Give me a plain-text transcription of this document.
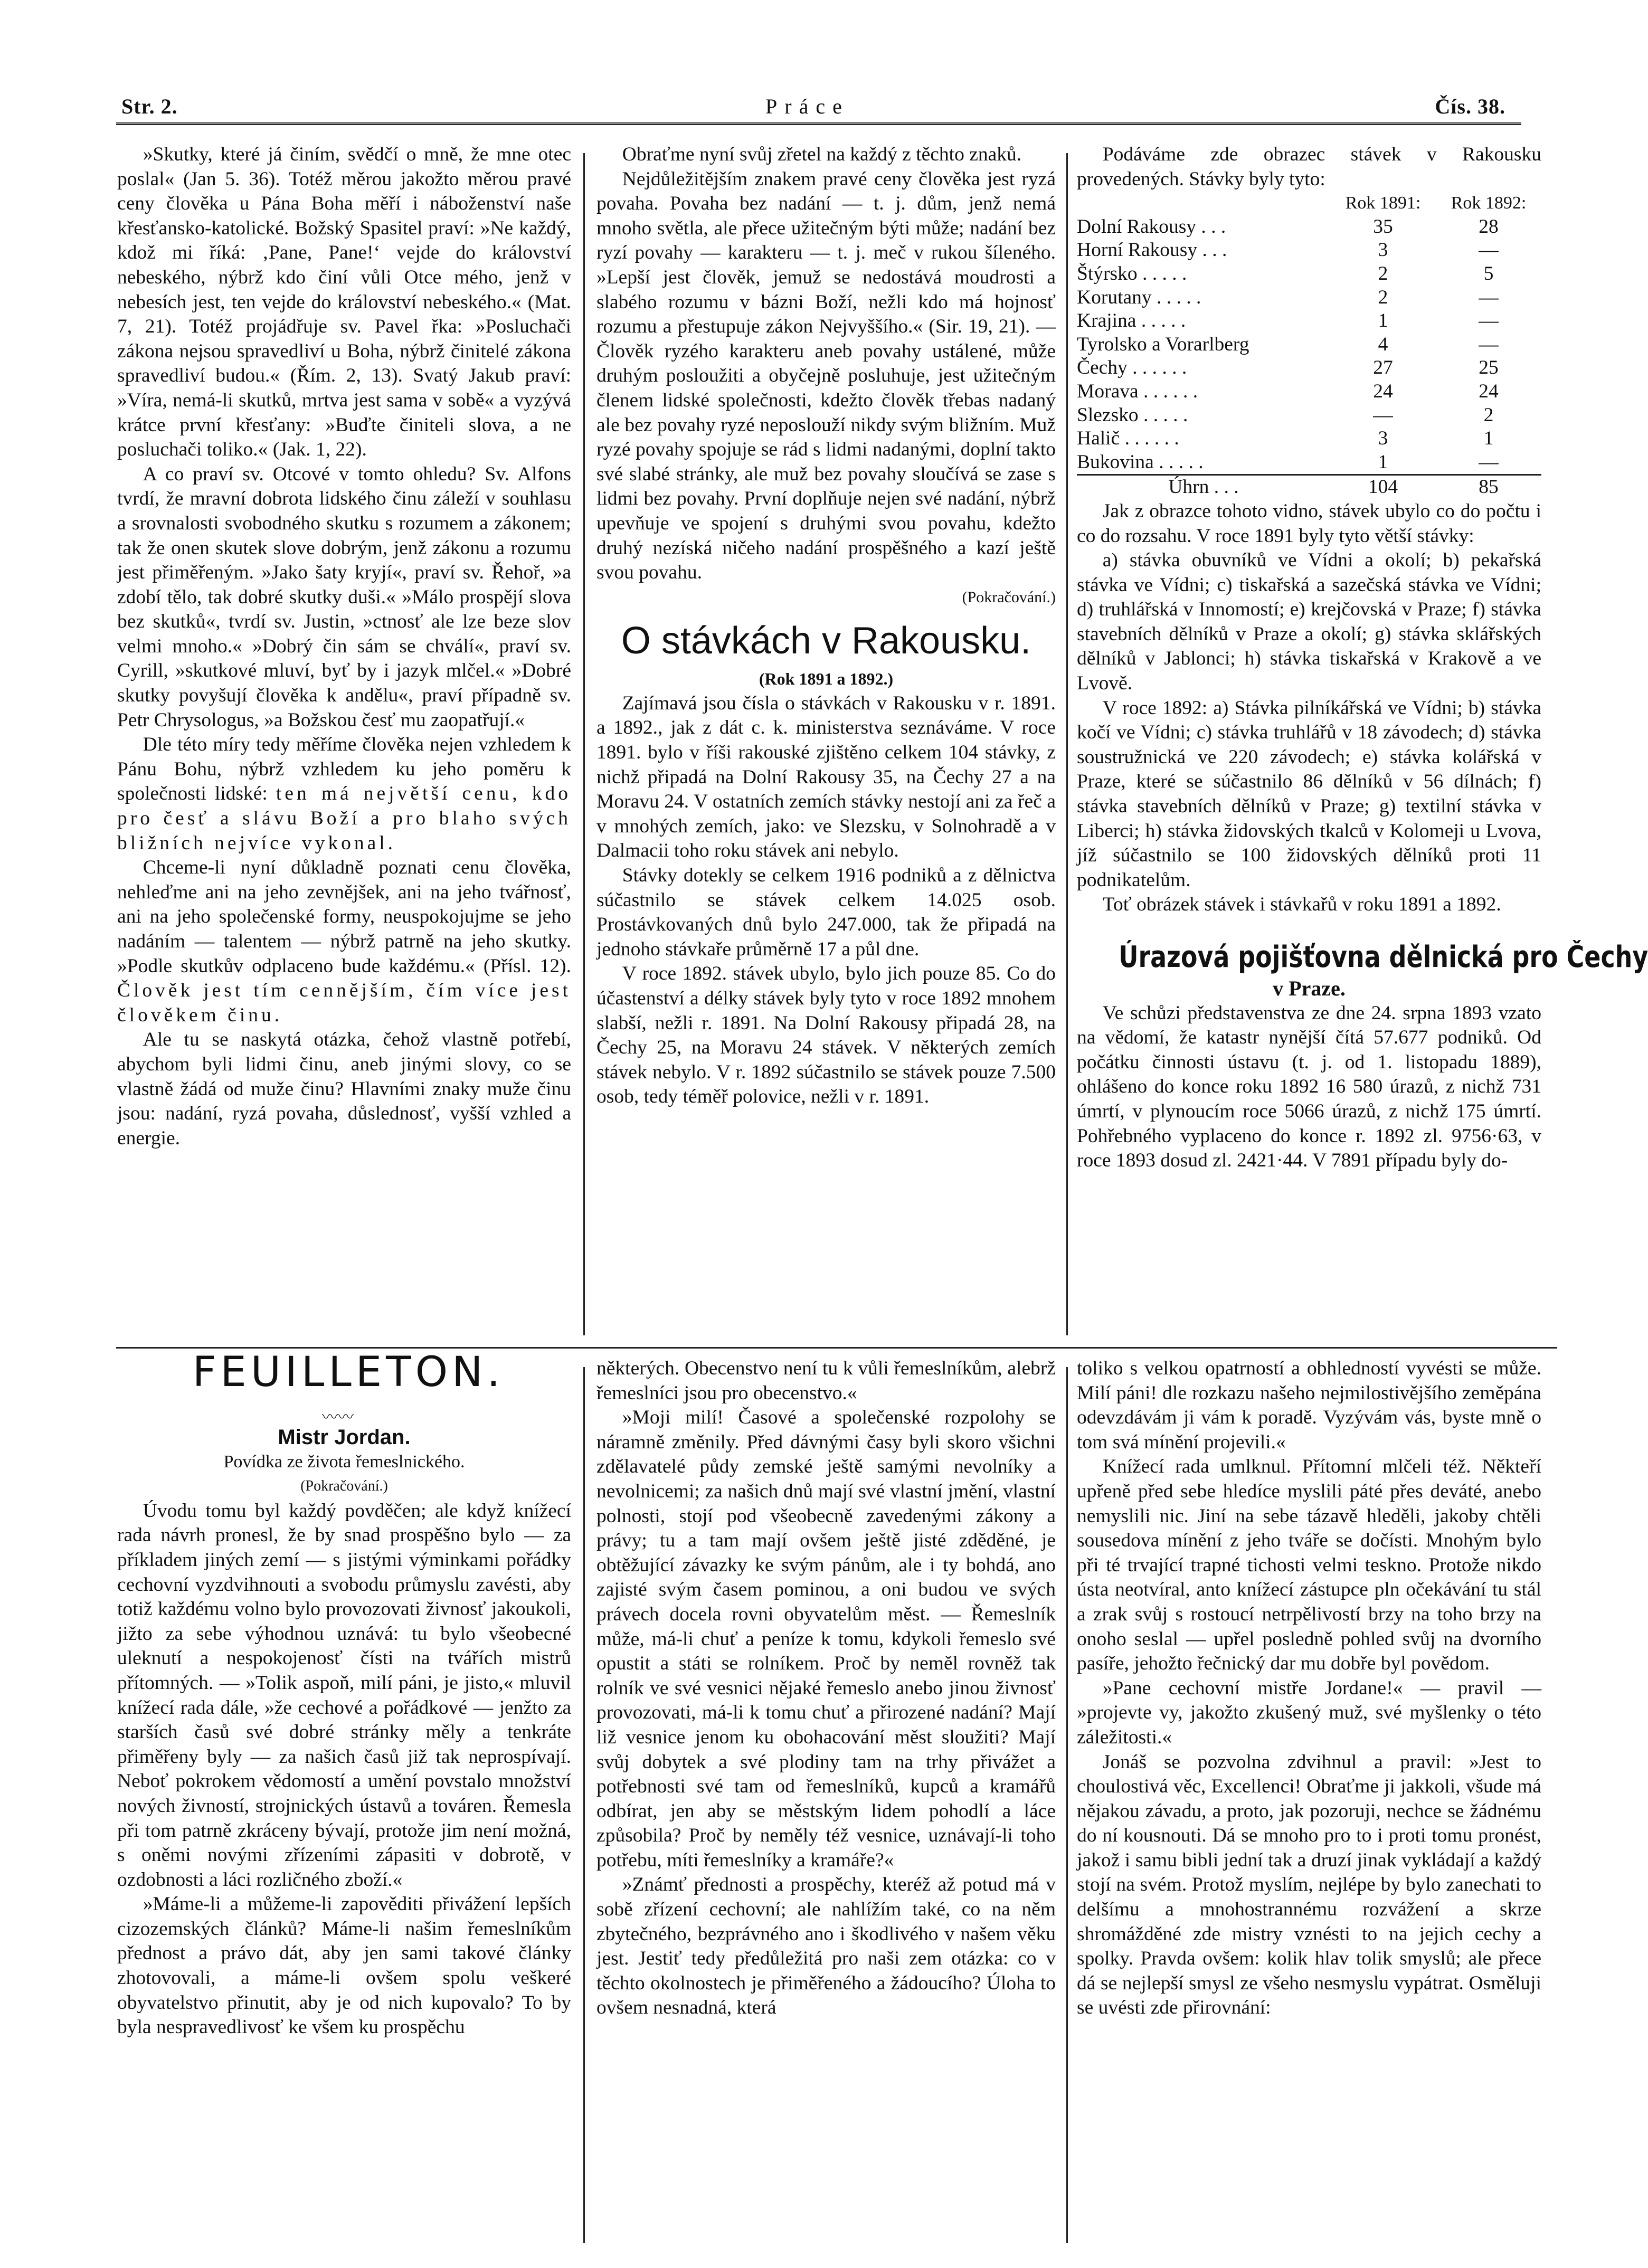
Str. 2.	Práce	Čís. 38.

»Skutky, které já činím, svědčí o mně, že mne otec poslal« (Jan 5. 36). Totéž měrou jakožto měrou pravé ceny člověka u Pána Boha měří i náboženství naše křesťansko-katolické. Božský Spasitel praví: »Ne každý, kdož mi říká: ‚Pane, Pane!‘ vejde do království nebeského, nýbrž kdo činí vůli Otce mého, jenž v nebesích jest, ten vejde do království nebeského.« (Mat. 7, 21). Totéž projádřuje sv. Pavel řka: »Posluchači zákona nejsou spravedliví u Boha, nýbrž činitelé zákona spravedliví budou.« (Řím. 2, 13). Svatý Jakub praví: »Víra, nemá-li skutků, mrtva jest sama v sobě« a vyzývá krátce první křesťany: »Buďte činiteli slova, a ne posluchači toliko.« (Jak. 1, 22).

A co praví sv. Otcové v tomto ohledu? Sv. Alfons tvrdí, že mravní dobrota lidského činu záleží v souhlasu a srovnalosti svobodného skutku s rozumem a zákonem; tak že onen skutek slove dobrým, jenž zákonu a rozumu jest přiměřeným. »Jako šaty kryjí«, praví sv. Řehoř, »a zdobí tělo, tak dobré skutky duši.« »Málo prospějí slova bez skutků«, tvrdí sv. Justin, »ctnosť ale lze beze slov velmi mnoho.« »Dobrý čin sám se chválí«, praví sv. Cyrill, »skutkové mluví, byť by i jazyk mlčel.« »Dobré skutky povyšují člověka k andělu«, praví případně sv. Petr Chrysologus, »a Božskou česť mu zaopatřují.«

Dle této míry tedy měříme člověka nejen vzhledem k Pánu Bohu, nýbrž vzhledem ku jeho poměru k společnosti lidské: ten má největší cenu, kdo pro česť a slávu Boží a pro blaho svých bližních nejvíce vykonal.

Chceme-li nyní důkladně poznati cenu člověka, nehleďme ani na jeho zevnějšek, ani na jeho tvářnosť, ani na jeho společenské formy, neuspokojujme se jeho nadáním — talentem — nýbrž patrně na jeho skutky. »Podle skutkův odplaceno bude každému.« (Přísl. 12). Člověk jest tím cennějším, čím více jest člověkem činu.

Ale tu se naskytá otázka, čehož vlastně potřebí, abychom byli lidmi činu, aneb jinými slovy, co se vlastně žádá od muže činu? Hlavními znaky muže činu jsou: nadání, ryzá povaha, důslednosť, vyšší vzhled a energie.

Obraťme nyní svůj zřetel na každý z těchto znaků.

Nejdůležitějším znakem pravé ceny člověka jest ryzá povaha. Povaha bez nadání — t. j. dům, jenž nemá mnoho světla, ale přece užitečným býti může; nadání bez ryzí povahy — karakteru — t. j. meč v rukou šíleného. »Lepší jest člověk, jemuž se nedostává moudrosti a slabého rozumu v bázni Boží, nežli kdo má hojnosť rozumu a přestupuje zákon Nejvyššího.« (Sir. 19, 21). — Člověk ryzého karakteru aneb povahy ustálené, může druhým posloužiti a obyčejně posluhuje, jest užitečným členem lidské společnosti, kdežto člověk třebas nadaný ale bez povahy ryzé neposlouží nikdy svým bližním. Muž ryzé povahy spojuje se rád s lidmi nadanými, doplní takto své slabé stránky, ale muž bez povahy sloučívá se zase s lidmi bez povahy. První doplňuje nejen své nadání, nýbrž upevňuje ve spojení s druhými svou povahu, kdežto druhý nezíská ničeho nadání prospěšného a kazí ještě svou povahu.

(Pokračování.)

O stávkách v Rakousku.

(Rok 1891 a 1892.)

Zajímavá jsou čísla o stávkách v Rakousku v r. 1891. a 1892., jak z dát c. k. ministerstva seznáváme. V roce 1891. bylo v říši rakouské zjištěno celkem 104 stávky, z nichž připadá na Dolní Rakousy 35, na Čechy 27 a na Moravu 24. V ostatních zemích stávky nestojí ani za řeč a v mnohých zemích, jako: ve Slezsku, v Solnohradě a v Dalmacii toho roku stávek ani nebylo.

Stávky dotekly se celkem 1916 podniků a z dělnictva súčastnilo se stávek celkem 14.025 osob. Prostávkovaných dnů bylo 247.000, tak že připadá na jednoho stávkaře průměrně 17 a půl dne.

V roce 1892. stávek ubylo, bylo jich pouze 85. Co do účastenství a délky stávek byly tyto v roce 1892 mnohem slabší, nežli r. 1891. Na Dolní Rakousy připadá 28, na Čechy 25, na Moravu 24 stávek. V některých zemích stávek nebylo. V r. 1892 súčastnilo se stávek pouze 7.500 osob, tedy téměř polovice, nežli v r. 1891.

Podáváme zde obrazec stávek v Rakousku provedených. Stávky byly tyto:

	Rok 1891:	Rok 1892:
Dolní Rakousy . . .	35	28
Horní Rakousy . . .	3	—
Štýrsko . . . . .	2	5
Korutany . . . . .	2	—
Krajina . . . . .	1	—
Tyrolsko a Vorarlberg	4	—
Čechy . . . . . .	27	25
Morava . . . . . .	24	24
Slezsko . . . . .	—	2
Halič . . . . . .	3	1
Bukovina . . . . .	1	—
Úhrn . . .	104	85

Jak z obrazce tohoto vidno, stávek ubylo co do počtu i co do rozsahu. V roce 1891 byly tyto větší stávky:

a) stávka obuvníků ve Vídni a okolí; b) pekařská stávka ve Vídni; c) tiskařská a sazečská stávka ve Vídni; d) truhlářská v Innomostí; e) krejčovská v Praze; f) stávka stavebních dělníků v Praze a okolí; g) stávka sklářských dělníků v Jablonci; h) stávka tiskařská v Krakově a ve Lvově.

V roce 1892: a) Stávka pilníkářská ve Vídni; b) stávka kočí ve Vídni; c) stávka truhlářů v 18 závodech; d) stávka soustružnická ve 220 závodech; e) stávka kolářská v Praze, které se súčastnilo 86 dělníků v 56 dílnách; f) stávka stavebních dělníků v Praze; g) textilní stávka v Liberci; h) stávka židovských tkalců v Kolomeji u Lvova, jíž súčastnilo se 100 židovských dělníků proti 11 podnikatelům.

Toť obrázek stávek i stávkařů v roku 1891 a 1892.

Úrazová pojišťovna dělnická pro Čechy

v Praze.

Ve schůzi představenstva ze dne 24. srpna 1893 vzato na vědomí, že katastr nynější čítá 57.677 podniků. Od počátku činnosti ústavu (t. j. od 1. listopadu 1889), ohlášeno do konce roku 1892 16 580 úrazů, z nichž 731 úmrtí, v plynoucím roce 5066 úrazů, z nichž 175 úmrtí. Pohřebného vyplaceno do konce r. 1892 zl. 9756·63, v roce 1893 dosud zl. 2421·44. V 7891 případu byly do-

FEUILLETON.
〰〰

Mistr Jordan.

Povídka ze života řemeslnického.

(Pokračování.)

Úvodu tomu byl každý povděčen; ale když knížecí rada návrh pronesl, že by snad prospěšno bylo — za příkladem jiných zemí — s jistými výminkami pořádky cechovní vyzdvihnouti a svobodu průmyslu zavésti, aby totiž každému volno bylo provozovati živnosť jakoukoli, jižto za sebe výhodnou uznává: tu bylo všeobecné uleknutí a nespokojenosť čísti na tvářích mistrů přítomných. — »Tolik aspoň, milí páni, je jisto,« mluvil knížecí rada dále, »že cechové a pořádkové — jenžto za starších časů své dobré stránky měly a tenkráte přiměřeny byly — za našich časů již tak neprospívají. Neboť pokrokem vědomostí a umění povstalo množství nových živností, strojnických ústavů a továren. Řemesla při tom patrně zkráceny bývají, protože jim není možná, s oněmi novými zřízeními zápasiti v dobrotě, v ozdobnosti a láci rozličného zboží.«

»Máme-li a můžeme-li zapověditi přivážení lepších cizozemských článků? Máme-li našim řemeslníkům přednost a právo dát, aby jen sami takové články zhotovovali, a máme-li ovšem spolu veškeré obyvatelstvo přinutit, aby je od nich kupovalo? To by byla nespravedlivosť ke všem ku prospěchu

některých. Obecenstvo není tu k vůli řemeslníkům, alebrž řemeslníci jsou pro obecenstvo.«

»Moji milí! Časové a společenské rozpolohy se náramně změnily. Před dávnými časy byli skoro všichni zdělavatelé půdy zemské ještě samými nevolníky a nevolnicemi; za našich dnů mají své vlastní jmění, vlastní polnosti, stojí pod všeobecně zavedenými zákony a právy; tu a tam mají ovšem ještě jisté zděděné, je obtěžující závazky ke svým pánům, ale i ty bohdá, ano zajisté svým časem pominou, a oni budou ve svých právech docela rovni obyvatelům měst. — Řemeslník může, má-li chuť a peníze k tomu, kdykoli řemeslo své opustit a státi se rolníkem. Proč by neměl rovněž tak rolník ve své vesnici nějaké řemeslo anebo jinou živnosť provozovati, má-li k tomu chuť a přirozené nadání? Mají liž vesnice jenom ku obohacování měst sloužiti? Mají svůj dobytek a své plodiny tam na trhy přivážet a potřebnosti své tam od řemeslníků, kupců a kramářů odbírat, jen aby se městským lidem pohodlí a láce způsobila? Proč by neměly též vesnice, uznávají-li toho potřebu, míti řemeslníky a kramáře?«

»Známť přednosti a prospěchy, kteréž až potud má v sobě zřízení cechovní; ale nahlížím také, co na něm zbytečného, bezprávného ano i škodlivého v našem věku jest. Jestiť tedy předůležitá pro naši zem otázka: co v těchto okolnostech je přiměřeného a žádoucího? Úloha to ovšem nesnadná, která

toliko s velkou opatrností a obhledností vyvésti se může. Milí páni! dle rozkazu našeho nejmilostivějšího zeměpána odevzdávám ji vám k poradě. Vyzývám vás, byste mně o tom svá mínění projevili.«

Knížecí rada umlknul. Přítomní mlčeli též. Někteří upřeně před sebe hledíce myslili páté přes deváté, anebo nemyslili nic. Jiní na sebe tázavě hleděli, jakoby chtěli sousedova mínění z jeho tváře se dočísti. Mnohým bylo při té trvající trapné tichosti velmi teskno. Protože nikdo ústa neotvíral, anto knížecí zástupce pln očekávání tu stál a zrak svůj s rostoucí netrpělivostí brzy na toho brzy na onoho seslal — upřel posledně pohled svůj na dvorního pasíře, jehožto řečnický dar mu dobře byl povědom.

»Pane cechovní mistře Jordane!« — pravil — »projevte vy, jakožto zkušený muž, své myšlenky o této záležitosti.«

Jonáš se pozvolna zdvihnul a pravil: »Jest to choulostivá věc, Excellenci! Obraťme ji jakkoli, všude má nějakou závadu, a proto, jak pozoruji, nechce se žádnému do ní kousnouti. Dá se mnoho pro to i proti tomu pronést, jakož i samu bibli jední tak a druzí jinak vykládají a každý stojí na svém. Protož myslím, nejlépe by bylo zanechati to delšímu a mnohostrannému rozvážení a skrze shromážděné zde mistry vznésti to na jejich cechy a spolky. Pravda ovšem: kolik hlav tolik smyslů; ale přece dá se nejlepší smysl ze všeho nesmyslu vypátrat. Osměluji se uvésti zde přirovnání:
